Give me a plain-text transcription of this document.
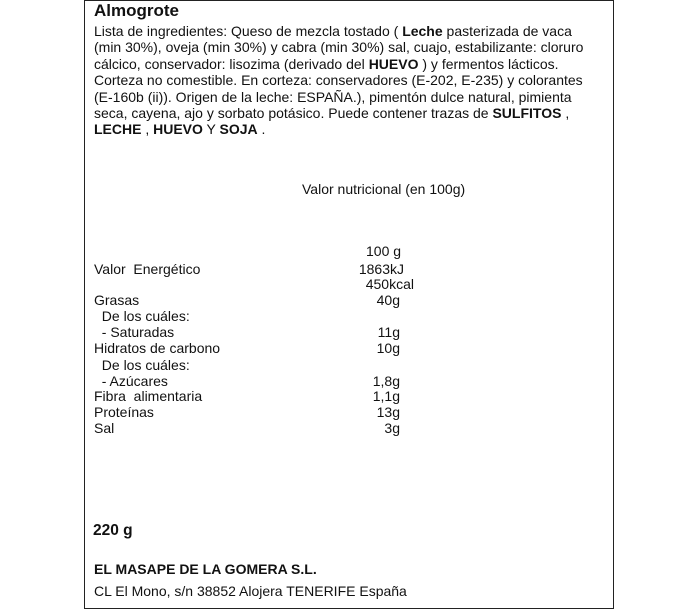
Almogrote

Lista de ingredientes: Queso de mezcla tostado ( Leche pasterizada de vaca (min 30%), oveja (min 30%) y cabra (min 30%) sal, cuajo, estabilizante: cloruro cálcico, conservador: lisozima (derivado del HUEVO ) y fermentos lácticos.

Corteza no comestible. En corteza: conservadores (E-202, E-235) y colorantes (E-160b (ii)). Origen de la leche: ESPAÑA.), pimentón dulce natural, pimienta seca, cayena, ajo y sorbato potásico. Puede contener trazas de SULFITOS , LECHE , HUEVO Y SOJA .

Valor nutricional (en 100g)
100 g
Valor  Energético	1863kJ
450kcal
Grasas	40g
De los cuáles:
- Saturadas	11g
Hidratos de carbono	10g
De los cuáles:
- Azúcares	1,8g
Fibra  alimentaria	1,1g
Proteínas	13g
Sal	3g
220 g
EL MASAPE DE LA GOMERA S.L.
CL El Mono, s/n 38852 Alojera TENERIFE España
